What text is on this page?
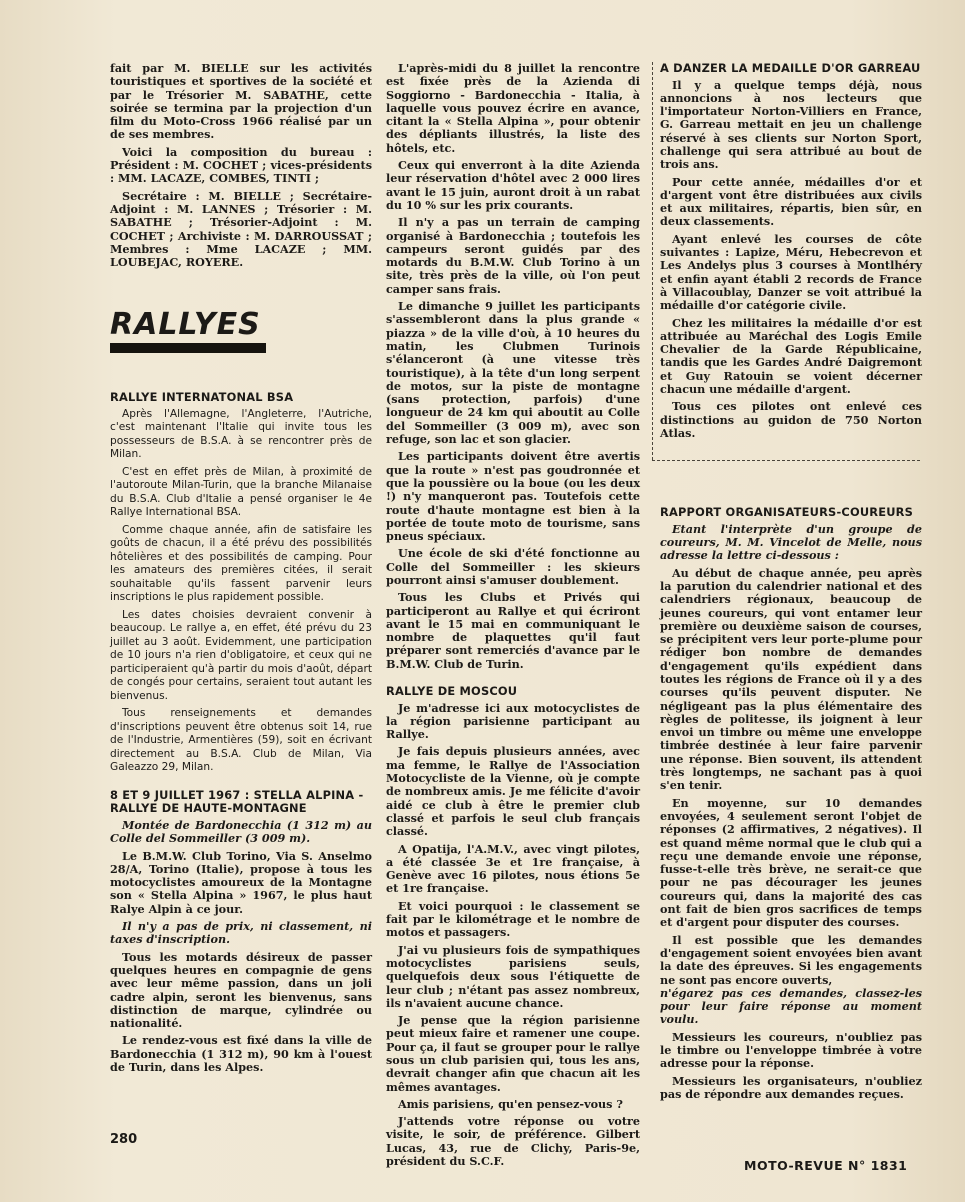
fait par M. BIELLE sur les activités touristiques et sportives de la société et par le Trésorier M. SABATHE, cette soirée se termina par la projection d'un film du Moto-Cross 1966 réalisé par un de ses membres.

Voici la composition du bureau : Président : M. COCHET ; vices-présidents : MM. LACAZE, COMBES, TINTI ;

Secrétaire : M. BIELLE ; Secrétaire-Adjoint : M. LANNES ; Trésorier : M. SABATHE ; Trésorier-Adjoint : M. COCHET ; Archiviste : M. DARROUSSAT ; Membres : Mme LACAZE ; MM. LOUBEJAC, ROYERE.

RALLYES
RALLYE INTERNATONAL BSA

Après l'Allemagne, l'Angleterre, l'Autriche, c'est maintenant l'Italie qui invite tous les possesseurs de B.S.A. à se rencontrer près de Milan.

C'est en effet près de Milan, à proximité de l'autoroute Milan-Turin, que la branche Milanaise du B.S.A. Club d'Italie a pensé organiser le 4e Rallye International BSA.

Comme chaque année, afin de satisfaire les goûts de chacun, il a été prévu des possibilités hôtelières et des possibilités de camping. Pour les amateurs des premières citées, il serait souhaitable qu'ils fassent parvenir leurs inscriptions le plus rapidement possible.

Les dates choisies devraient convenir à beaucoup. Le rallye a, en effet, été prévu du 23 juillet au 3 août. Evidemment, une participation de 10 jours n'a rien d'obligatoire, et ceux qui ne participeraient qu'à partir du mois d'août, départ de congés pour certains, seraient tout autant les bienvenus.

Tous renseignements et demandes d'inscriptions peuvent être obtenus soit 14, rue de l'Industrie, Armentières (59), soit en écrivant directement au B.S.A. Club de Milan, Via Galeazzo 29, Milan.

8 ET 9 JUILLET 1967 : STELLA ALPINA - RALLYE DE HAUTE-MONTAGNE

Montée de Bardonecchia (1 312 m) au Colle del Sommeiller (3 009 m).

Le B.M.W. Club Torino, Via S. Anselmo 28/A, Torino (Italie), propose à tous les motocyclistes amoureux de la Montagne son « Stella Alpina » 1967, le plus haut Ralye Alpin à ce jour.

Il n'y a pas de prix, ni classement, ni taxes d'inscription.

Tous les motards désireux de passer quelques heures en compagnie de gens avec leur même passion, dans un joli cadre alpin, seront les bienvenus, sans distinction de marque, cylindrée ou nationalité.

Le rendez-vous est fixé dans la ville de Bardonecchia (1 312 m), 90 km à l'ouest de Turin, dans les Alpes.

L'après-midi du 8 juillet la rencontre est fixée près de la Azienda di Soggiorno - Bardonecchia - Italia, à laquelle vous pouvez écrire en avance, citant la « Stella Alpina », pour obtenir des dépliants illustrés, la liste des hôtels, etc.

Ceux qui enverront à la dite Azienda leur réservation d'hôtel avec 2 000 lires avant le 15 juin, auront droit à un rabat du 10 % sur les prix courants.

Il n'y a pas un terrain de camping organisé à Bardonecchia ; toutefois les campeurs seront guidés par des motards du B.M.W. Club Torino à un site, très près de la ville, où l'on peut camper sans frais.

Le dimanche 9 juillet les participants s'assembleront dans la plus grande « piazza » de la ville d'où, à 10 heures du matin, les Clubmen Turinois s'élanceront (à une vitesse très touristique), à la tête d'un long serpent de motos, sur la piste de montagne (sans protection, parfois) d'une longueur de 24 km qui aboutit au Colle del Sommeiller (3 009 m), avec son refuge, son lac et son glacier.

Les participants doivent être avertis que la route » n'est pas goudronnée et que la poussière ou la boue (ou les deux !) n'y manqueront pas. Toutefois cette route d'haute montagne est bien à la portée de toute moto de tourisme, sans pneus spéciaux.

Une école de ski d'été fonctionne au Colle del Sommeiller : les skieurs pourront ainsi s'amuser doublement.

Tous les Clubs et Privés qui participeront au Rallye et qui écriront avant le 15 mai en communiquant le nombre de plaquettes qu'il faut préparer sont remerciés d'avance par le B.M.W. Club de Turin.

RALLYE DE MOSCOU

Je m'adresse ici aux motocyclistes de la région parisienne participant au Rallye.

Je fais depuis plusieurs années, avec ma femme, le Rallye de l'Association Motocycliste de la Vienne, où je compte de nombreux amis. Je me félicite d'avoir aidé ce club à être le premier club classé et parfois le seul club français classé.

A Opatija, l'A.M.V., avec vingt pilotes, a été classée 3e et 1re française, à Genève avec 16 pilotes, nous étions 5e et 1re française.

Et voici pourquoi : le classement se fait par le kilométrage et le nombre de motos et passagers.

J'ai vu plusieurs fois de sympathiques motocyclistes parisiens seuls, quelquefois deux sous l'étiquette de leur club ; n'étant pas assez nombreux, ils n'avaient aucune chance.

Je pense que la région parisienne peut mieux faire et ramener une coupe. Pour ça, il faut se grouper pour le rallye sous un club parisien qui, tous les ans, devrait changer afin que chacun ait les mêmes avantages.

Amis parisiens, qu'en pensez-vous ?

J'attends votre réponse ou votre visite, le soir, de préférence. Gilbert Lucas, 43, rue de Clichy, Paris-9e, président du S.C.F.

A DANZER LA MEDAILLE D'OR GARREAU

Il y a quelque temps déjà, nous annoncions à nos lecteurs que l'importateur Norton-Villiers en France, G. Garreau mettait en jeu un challenge réservé à ses clients sur Norton Sport, challenge qui sera attribué au bout de trois ans.

Pour cette année, médailles d'or et d'argent vont être distribuées aux civils et aux militaires, répartis, bien sûr, en deux classements.

Ayant enlevé les courses de côte suivantes : Lapize, Méru, Hebecrevon et Les Andelys plus 3 courses à Montlhéry et enfin ayant établi 2 records de France à Villacoublay, Danzer se voit attribué la médaille d'or catégorie civile.

Chez les militaires la médaille d'or est attribuée au Maréchal des Logis Emile Chevalier de la Garde Républicaine, tandis que les Gardes André Daigremont et Guy Ratouin se voient décerner chacun une médaille d'argent.

Tous ces pilotes ont enlevé ces distinctions au guidon de 750 Norton Atlas.

RAPPORT ORGANISATEURS-COUREURS

Etant l'interprète d'un groupe de coureurs, M. M. Vincelot de Melle, nous adresse la lettre ci-dessous :

Au début de chaque année, peu après la parution du calendrier national et des calendriers régionaux, beaucoup de jeunes coureurs, qui vont entamer leur première ou deuxième saison de courses, se précipitent vers leur porte-plume pour rédiger bon nombre de demandes d'engagement qu'ils expédient dans toutes les régions de France où il y a des courses qu'ils peuvent disputer. Ne négligeant pas la plus élémentaire des règles de politesse, ils joignent à leur envoi un timbre ou même une enveloppe timbrée destinée à leur faire parvenir une réponse. Bien souvent, ils attendent très longtemps, ne sachant pas à quoi s'en tenir.

En moyenne, sur 10 demandes envoyées, 4 seulement seront l'objet de réponses (2 affirmatives, 2 négatives). Il est quand même normal que le club qui a reçu une demande envoie une réponse, fusse-t-elle très brève, ne serait-ce que pour ne pas décourager les jeunes coureurs qui, dans la majorité des cas ont fait de bien gros sacrifices de temps et d'argent pour disputer des courses.

Il est possible que les demandes d'engagement soient envoyées bien avant la date des épreuves. Si les engagements ne sont pas encore ouverts,

n'égarez pas ces demandes, classez-les pour leur faire réponse au moment voulu.

Messieurs les coureurs, n'oubliez pas le timbre ou l'enveloppe timbrée à votre adresse pour la réponse.

Messieurs les organisateurs, n'oubliez pas de répondre aux demandes reçues.

280
MOTO-REVUE N° 1831
